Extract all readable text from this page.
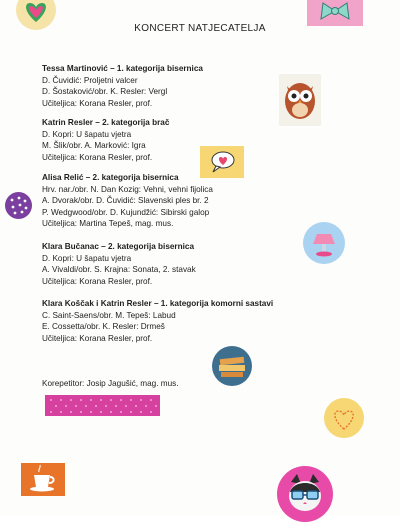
KONCERT NATJECATELJA
Tessa Martinović – 1. kategorija bisernica
D. Čuvidić: Proljetni valcer
D. Šostaković/obr. K. Resler: Vergl
Učiteljica: Korana Resler, prof.
Katrin Resler – 2. kategorija brač
D. Kopri: U šapatu vjetra
M. Šlik/obr. A. Marković: Igra
Učiteljica: Korana Resler, prof.
Alisa Relić – 2. kategorija bisernica
Hrv. nar./obr. N. Dan Kozig: Vehni, vehni fijolica
A. Dvorak/obr. D. Čuvidić: Slavenski ples br. 2
P. Wedgwood/obr. D. Kujundžić: Sibirski galop
Učiteljica: Martina Tepeš, mag. mus.
Klara Bučanac – 2. kategorija bisernica
D. Kopri: U šapatu vjetra
A. Vivaldi/obr. S. Krajna: Sonata, 2. stavak
Učiteljica: Korana Resler, prof.
Klara Koščak i Katrin Resler – 1. kategorija komorni sastavi
C. Saint-Saens/obr. M. Tepeš: Labud
E. Cossetta/obr. K. Resler: Drmeš
Učiteljica: Korana Resler, prof.
Korepetitor: Josip Jagušić, mag. mus.
